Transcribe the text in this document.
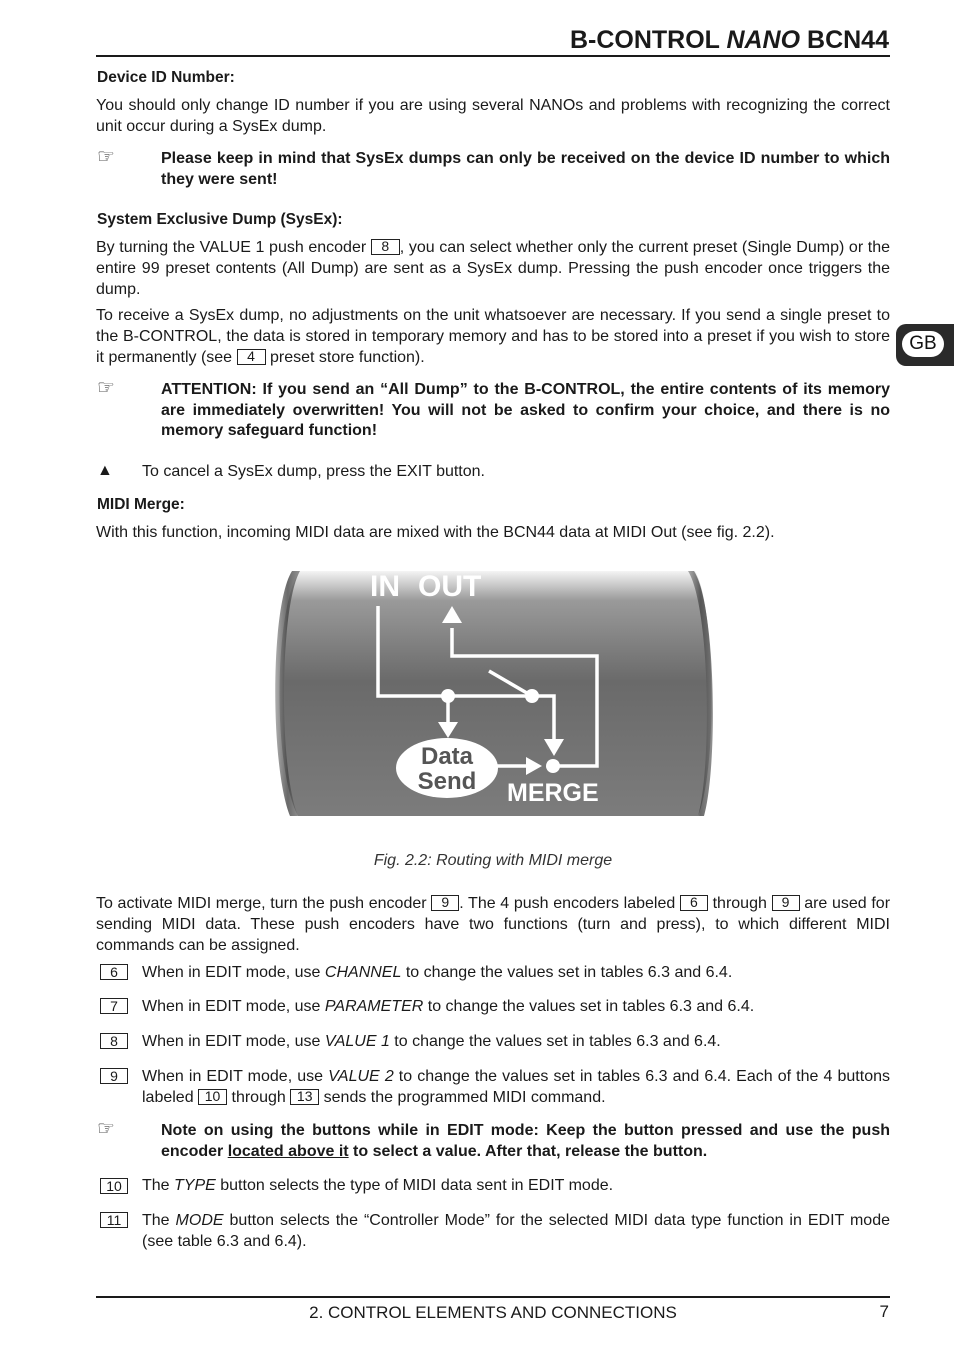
B-CONTROL NANO BCN44
GB
Device ID Number:
You should only change ID number if you are using several NANOs and problems with recognizing the correct unit occur during a SysEx dump.
☞	Please keep in mind that SysEx dumps can only be received on the device ID number to which they were sent!
System Exclusive Dump (SysEx):
By turning the VALUE 1 push encoder 8 , you can select whether only the current preset (Single Dump) or the entire 99 preset contents (All Dump) are sent as a SysEx dump. Pressing the push encoder once triggers the dump.
To receive a SysEx dump, no adjustments on the unit whatsoever are necessary. If you send a single preset to the B-CONTROL, the data is stored in temporary memory and has to be stored into a preset if you wish to store it permanently (see 4 preset store function).
☞	ATTENTION: If you send an “All Dump” to the B-CONTROL, the entire contents of its memory are immediately overwritten! You will not be asked to confirm your choice, and there is no memory safeguard function!
▲ To cancel a SysEx dump, press the EXIT button.
MIDI Merge:
With this function, incoming MIDI data are mixed with the BCN44 data at MIDI Out (see fig. 2.2).
IN OUT
Data
Send MERGE
Fig. 2.2: Routing with MIDI merge
To activate MIDI merge, turn the push encoder 9 . The 4 push encoders labeled 6 through 9 are used for sending MIDI data. These push encoders have two functions (turn and press), to which different MIDI commands can be assigned.
6	When in EDIT mode, use CHANNEL to change the values set in tables 6.3 and 6.4.
7	When in EDIT mode, use PARAMETER to change the values set in tables 6.3 and 6.4.
8	When in EDIT mode, use VALUE 1 to change the values set in tables 6.3 and 6.4.
9	When in EDIT mode, use VALUE 2 to change the values set in tables 6.3 and 6.4. Each of the 4 buttons labeled 10 through 13 sends the programmed MIDI command.
☞	Note on using the buttons while in EDIT mode: Keep the button pressed and use the push encoder located above it to select a value. After that, release the button.
10	The TYPE button selects the type of MIDI data sent in EDIT mode.
11	The MODE button selects the “Controller Mode” for the selected MIDI data type function in EDIT mode (see table 6.3 and 6.4).
2. CONTROL ELEMENTS AND CONNECTIONS	7
